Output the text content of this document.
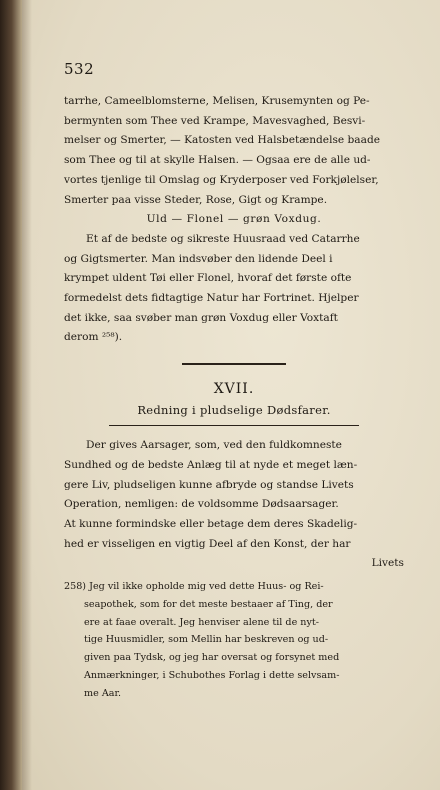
532

tarrhe, Cameelblomsterne, Melisen, Krusemynten og Pe-

bermynten som Thee ved Krampe, Mavesvaghed, Besvi-

melser og Smerter, — Katosten ved Halsbetændelse baade

som Thee og til at skylle Halsen. — Ogsaa ere de alle ud-

vortes tjenlige til Omslag og Kryderposer ved Forkjølelser,

Smerter paa visse Steder, Rose, Gigt og Krampe.

Uld — Flonel — grøn Voxdug.

Et af de bedste og sikreste Huusraad ved Catarrhe

og Gigtsmerter. Man indsvøber den lidende Deel i

krympet uldent Tøi eller Flonel, hvoraf det første ofte

formedelst dets fidtagtige Natur har Fortrinet. Hjelper

det ikke, saa svøber man grøn Voxdug eller Voxtaft

derom ²⁵⁸).

XVII.
Redning i pludselige Dødsfarer.

Der gives Aarsager, som, ved den fuldkomneste

Sundhed og de bedste Anlæg til at nyde et meget læn-

gere Liv, pludseligen kunne afbryde og standse Livets

Operation, nemligen: de voldsomme Dødsaarsager.

At kunne formindske eller betage dem deres Skadelig-

hed er visseligen en vigtig Deel af den Konst, der har

Livets

258) Jeg vil ikke opholde mig ved dette Huus- og Rei-

seapothek, som for det meste bestaaer af Ting, der

ere at faae overalt. Jeg henviser alene til de nyt-

tige Huusmidler, som Mellin har beskreven og ud-

given paa Tydsk, og jeg har oversat og forsynet med

Anmærkninger, i Schubothes Forlag i dette selvsam-

me Aar.
